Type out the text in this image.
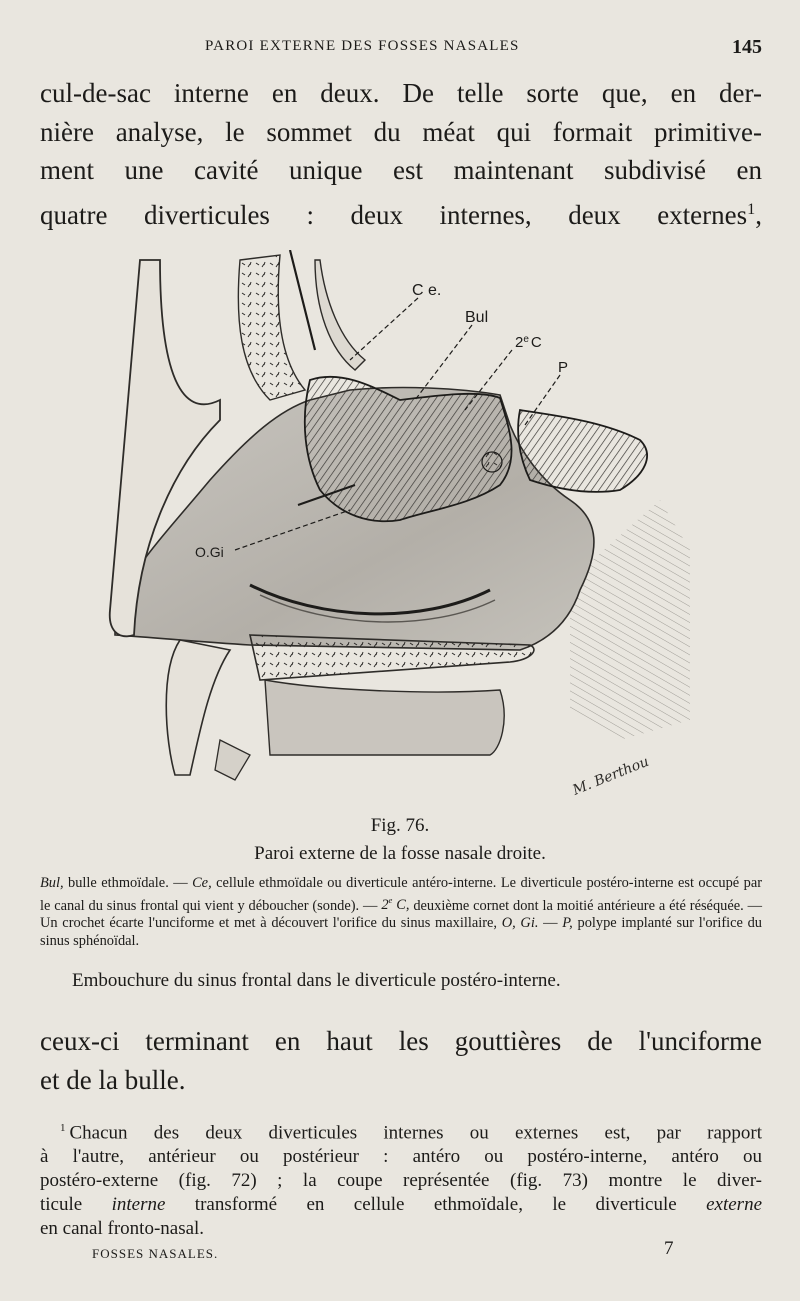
PAROI EXTERNE DES FOSSES NASALES	145
cul-de-sac interne en deux. De telle sorte que, en der-
nière analyse, le sommet du méat qui formait primitive-
ment une cavité unique est maintenant subdivisé en
quatre diverticules : deux internes, deux externes$^1$,
C e.
Bul
2e C
P
O.Gi
M. Berthou
Fig. 76.
Paroi externe de la fosse nasale droite.
Bul, bulle ethmoïdale. — Ce, cellule ethmoïdale ou diverticule antéro-interne. Le diverticule postéro-interne est occupé par le canal du sinus frontal qui vient y déboucher (sonde). — 2e C, deuxième cornet dont la moitié antérieure a été réséquée. — Un crochet écarte l'unciforme et met à découvert l'orifice du sinus maxillaire, O, Gi. — P, polype implanté sur l'orifice du sinus sphénoïdal.
Embouchure du sinus frontal dans le diverticule postéro-interne.
ceux-ci terminant en haut les gouttières de l'unciforme
et de la bulle.
$^1$ Chacun des deux diverticules internes ou externes est, par rapport
à l'autre, antérieur ou postérieur : antéro ou postéro-interne, antéro ou
postéro-externe (fig. 72) ; la coupe représentée (fig. 73) montre le diver-
ticule interne transformé en cellule ethmoïdale, le diverticule externe
en canal fronto-nasal.
FOSSES NASALES.	7
